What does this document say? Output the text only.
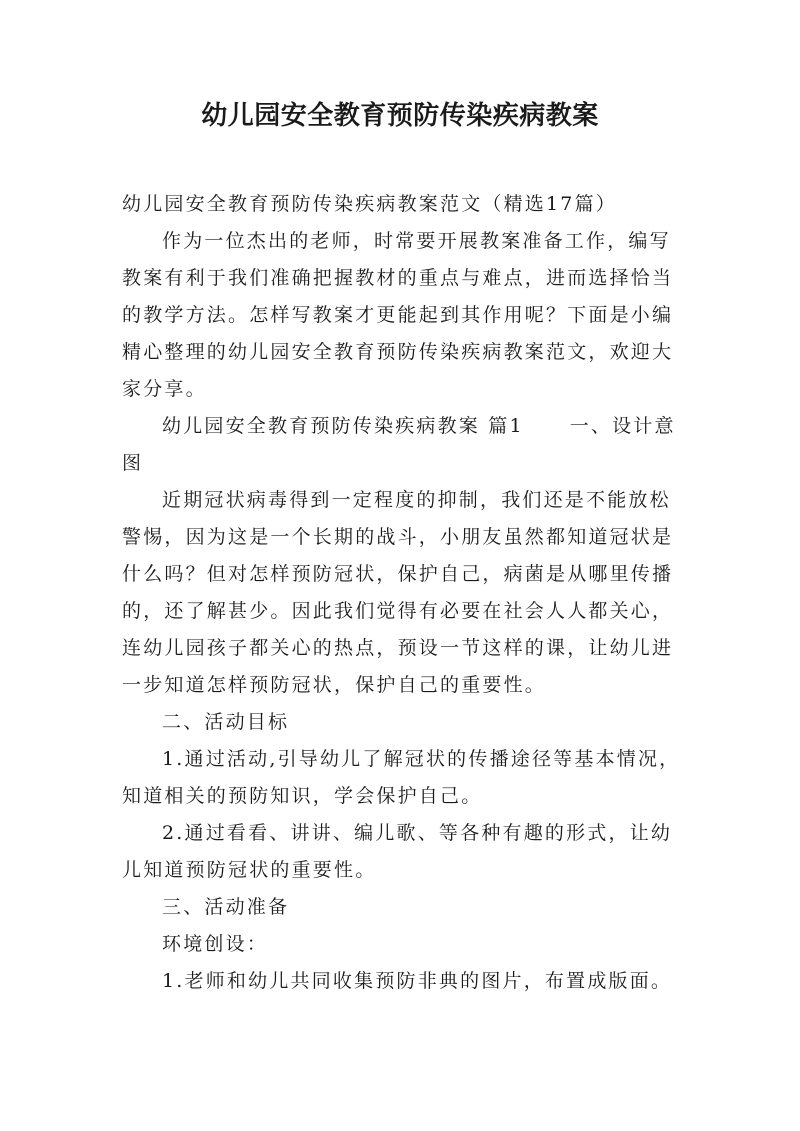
幼儿园安全教育预防传染疾病教案

幼儿园安全教育预防传染疾病教案范文（精选17篇）

作为一位杰出的老师，时常要开展教案准备工作，编写

教案有利于我们准确把握教材的重点与难点，进而选择恰当
的教学方法。怎样写教案才更能起到其作用呢？下面是小编
精心整理的幼儿园安全教育预防传染疾病教案范文，欢迎大
家分享。

幼儿园安全教育预防传染疾病教案 篇1 一、设计意

图

近期冠状病毒得到一定程度的抑制，我们还是不能放松

警惕，因为这是一个长期的战斗，小朋友虽然都知道冠状是
什么吗？但对怎样预防冠状，保护自己，病菌是从哪里传播
的，还了解甚少。因此我们觉得有必要在社会人人都关心，
连幼儿园孩子都关心的热点，预设一节这样的课，让幼儿进
一步知道怎样预防冠状，保护自己的重要性。

二、活动目标

1.通过活动,引导幼儿了解冠状的传播途径等基本情况，

知道相关的预防知识，学会保护自己。

2.通过看看、讲讲、编儿歌、等各种有趣的形式，让幼

儿知道预防冠状的重要性。

三、活动准备

环境创设：

1.老师和幼儿共同收集预防非典的图片，布置成版面。
